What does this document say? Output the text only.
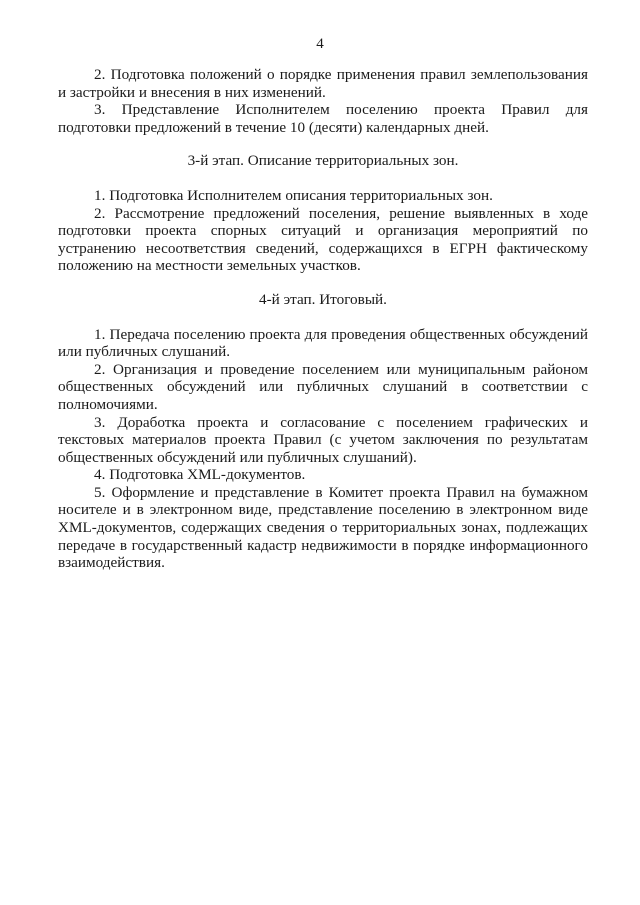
4

2. Подготовка положений о порядке применения правил землепользования и застройки и внесения в них изменений.

3. Представление Исполнителем поселению проекта Правил для подготовки предложений в течение 10 (десяти) календарных дней.

3-й этап. Описание территориальных зон.

1. Подготовка Исполнителем описания территориальных зон.

2. Рассмотрение предложений поселения, решение выявленных в ходе подготовки проекта спорных ситуаций и организация мероприятий по устранению несоответствия сведений, содержащихся в ЕГРН фактическому положению на местности земельных участков.

4-й этап. Итоговый.

1. Передача поселению проекта для проведения общественных обсуждений или публичных слушаний.

2. Организация и проведение поселением или муниципальным районом общественных обсуждений или публичных слушаний в соответствии с полномочиями.

3. Доработка проекта и согласование с поселением графических и текстовых материалов проекта Правил (с учетом заключения по результатам общественных обсуждений или публичных слушаний).

4. Подготовка XML-документов.

5. Оформление и представление в Комитет проекта Правил на бумажном носителе и в электронном виде, представление поселению в электронном виде XML-документов, содержащих сведения о территориальных зонах, подлежащих передаче в государственный кадастр недвижимости в порядке информационного взаимодействия.
